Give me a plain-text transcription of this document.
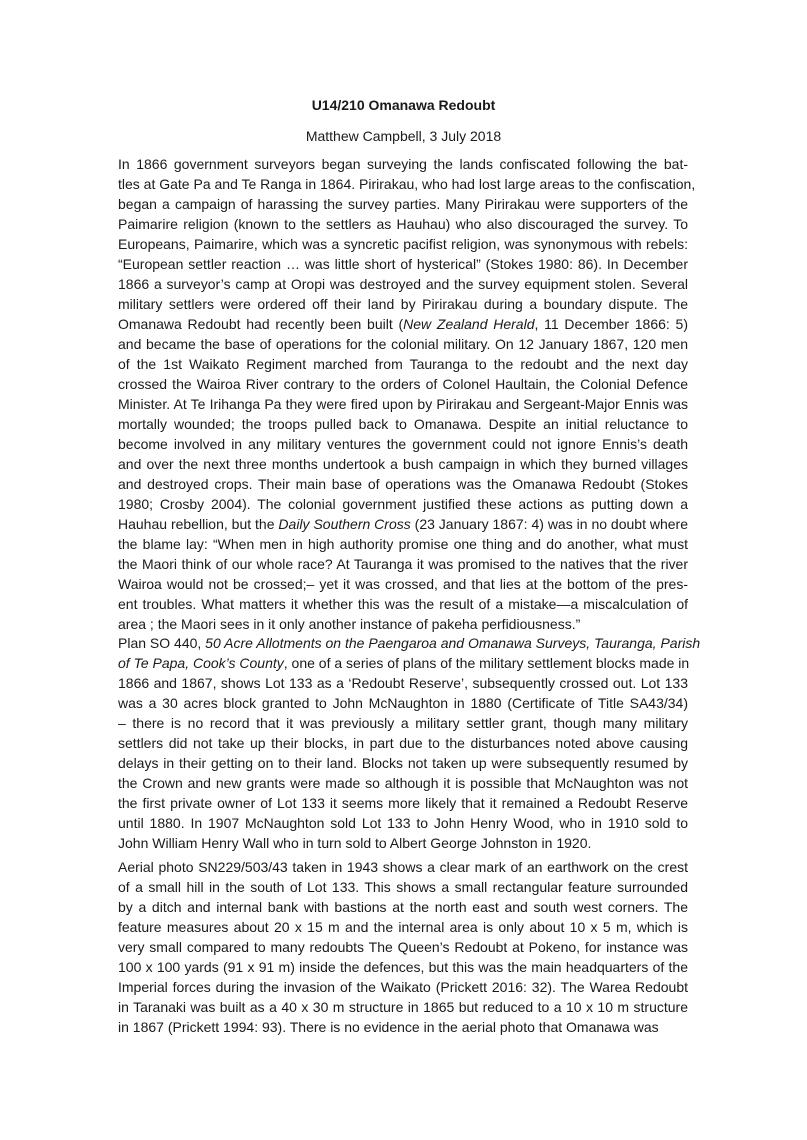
U14/210 Omanawa Redoubt

Matthew Campbell, 3 July 2018

In 1866 government surveyors began surveying the lands confiscated following the bat-
tles at Gate Pa and Te Ranga in 1864. Pirirakau, who had lost large areas to the confiscation,
began a campaign of harassing the survey parties. Many Pirirakau were supporters of the
Paimarire religion (known to the settlers as Hauhau) who also discouraged the survey. To
Europeans, Paimarire, which was a syncretic pacifist religion, was synonymous with rebels:
“European settler reaction … was little short of hysterical” (Stokes 1980: 86). In December
1866 a surveyor’s camp at Oropi was destroyed and the survey equipment stolen. Several
military settlers were ordered off their land by Pirirakau during a boundary dispute. The
Omanawa Redoubt had recently been built (New Zealand Herald, 11 December 1866: 5)
and became the base of operations for the colonial military. On 12 January 1867, 120 men
of the 1st Waikato Regiment marched from Tauranga to the redoubt and the next day
crossed the Wairoa River contrary to the orders of Colonel Haultain, the Colonial Defence
Minister. At Te Irihanga Pa they were fired upon by Pirirakau and Sergeant-Major Ennis was
mortally wounded; the troops pulled back to Omanawa. Despite an initial reluctance to
become involved in any military ventures the government could not ignore Ennis’s death
and over the next three months undertook a bush campaign in which they burned villages
and destroyed crops. Their main base of operations was the Omanawa Redoubt (Stokes
1980; Crosby 2004). The colonial government justified these actions as putting down a
Hauhau rebellion, but the Daily Southern Cross (23 January 1867: 4) was in no doubt where
the blame lay: “When men in high authority promise one thing and do another, what must
the Maori think of our whole race? At Tauranga it was promised to the natives that the river
Wairoa would not be crossed;– yet it was crossed, and that lies at the bottom of the pres-
ent troubles. What matters it whether this was the result of a mistake—a miscalculation of
area ; the Maori sees in it only another instance of pakeha perfidiousness.”
Plan SO 440, 50 Acre Allotments on the Paengaroa and Omanawa Surveys, Tauranga, Parish
of Te Papa, Cook’s County, one of a series of plans of the military settlement blocks made in
1866 and 1867, shows Lot 133 as a ‘Redoubt Reserve’, subsequently crossed out. Lot 133
was a 30 acres block granted to John McNaughton in 1880 (Certificate of Title SA43/34)
– there is no record that it was previously a military settler grant, though many military
settlers did not take up their blocks, in part due to the disturbances noted above causing
delays in their getting on to their land. Blocks not taken up were subsequently resumed by
the Crown and new grants were made so although it is possible that McNaughton was not
the first private owner of Lot 133 it seems more likely that it remained a Redoubt Reserve
until 1880. In 1907 McNaughton sold Lot 133 to John Henry Wood, who in 1910 sold to
John William Henry Wall who in turn sold to Albert George Johnston in 1920.
Aerial photo SN229/503/43 taken in 1943 shows a clear mark of an earthwork on the crest
of a small hill in the south of Lot 133. This shows a small rectangular feature surrounded
by a ditch and internal bank with bastions at the north east and south west corners. The
feature measures about 20 x 15 m and the internal area is only about 10 x 5 m, which is
very small compared to many redoubts The Queen’s Redoubt at Pokeno, for instance was
100 x 100 yards (91 x 91 m) inside the defences, but this was the main headquarters of the
Imperial forces during the invasion of the Waikato (Prickett 2016: 32). The Warea Redoubt
in Taranaki was built as a 40 x 30 m structure in 1865 but reduced to a 10 x 10 m structure
in 1867 (Prickett 1994: 93). There is no evidence in the aerial photo that Omanawa was
